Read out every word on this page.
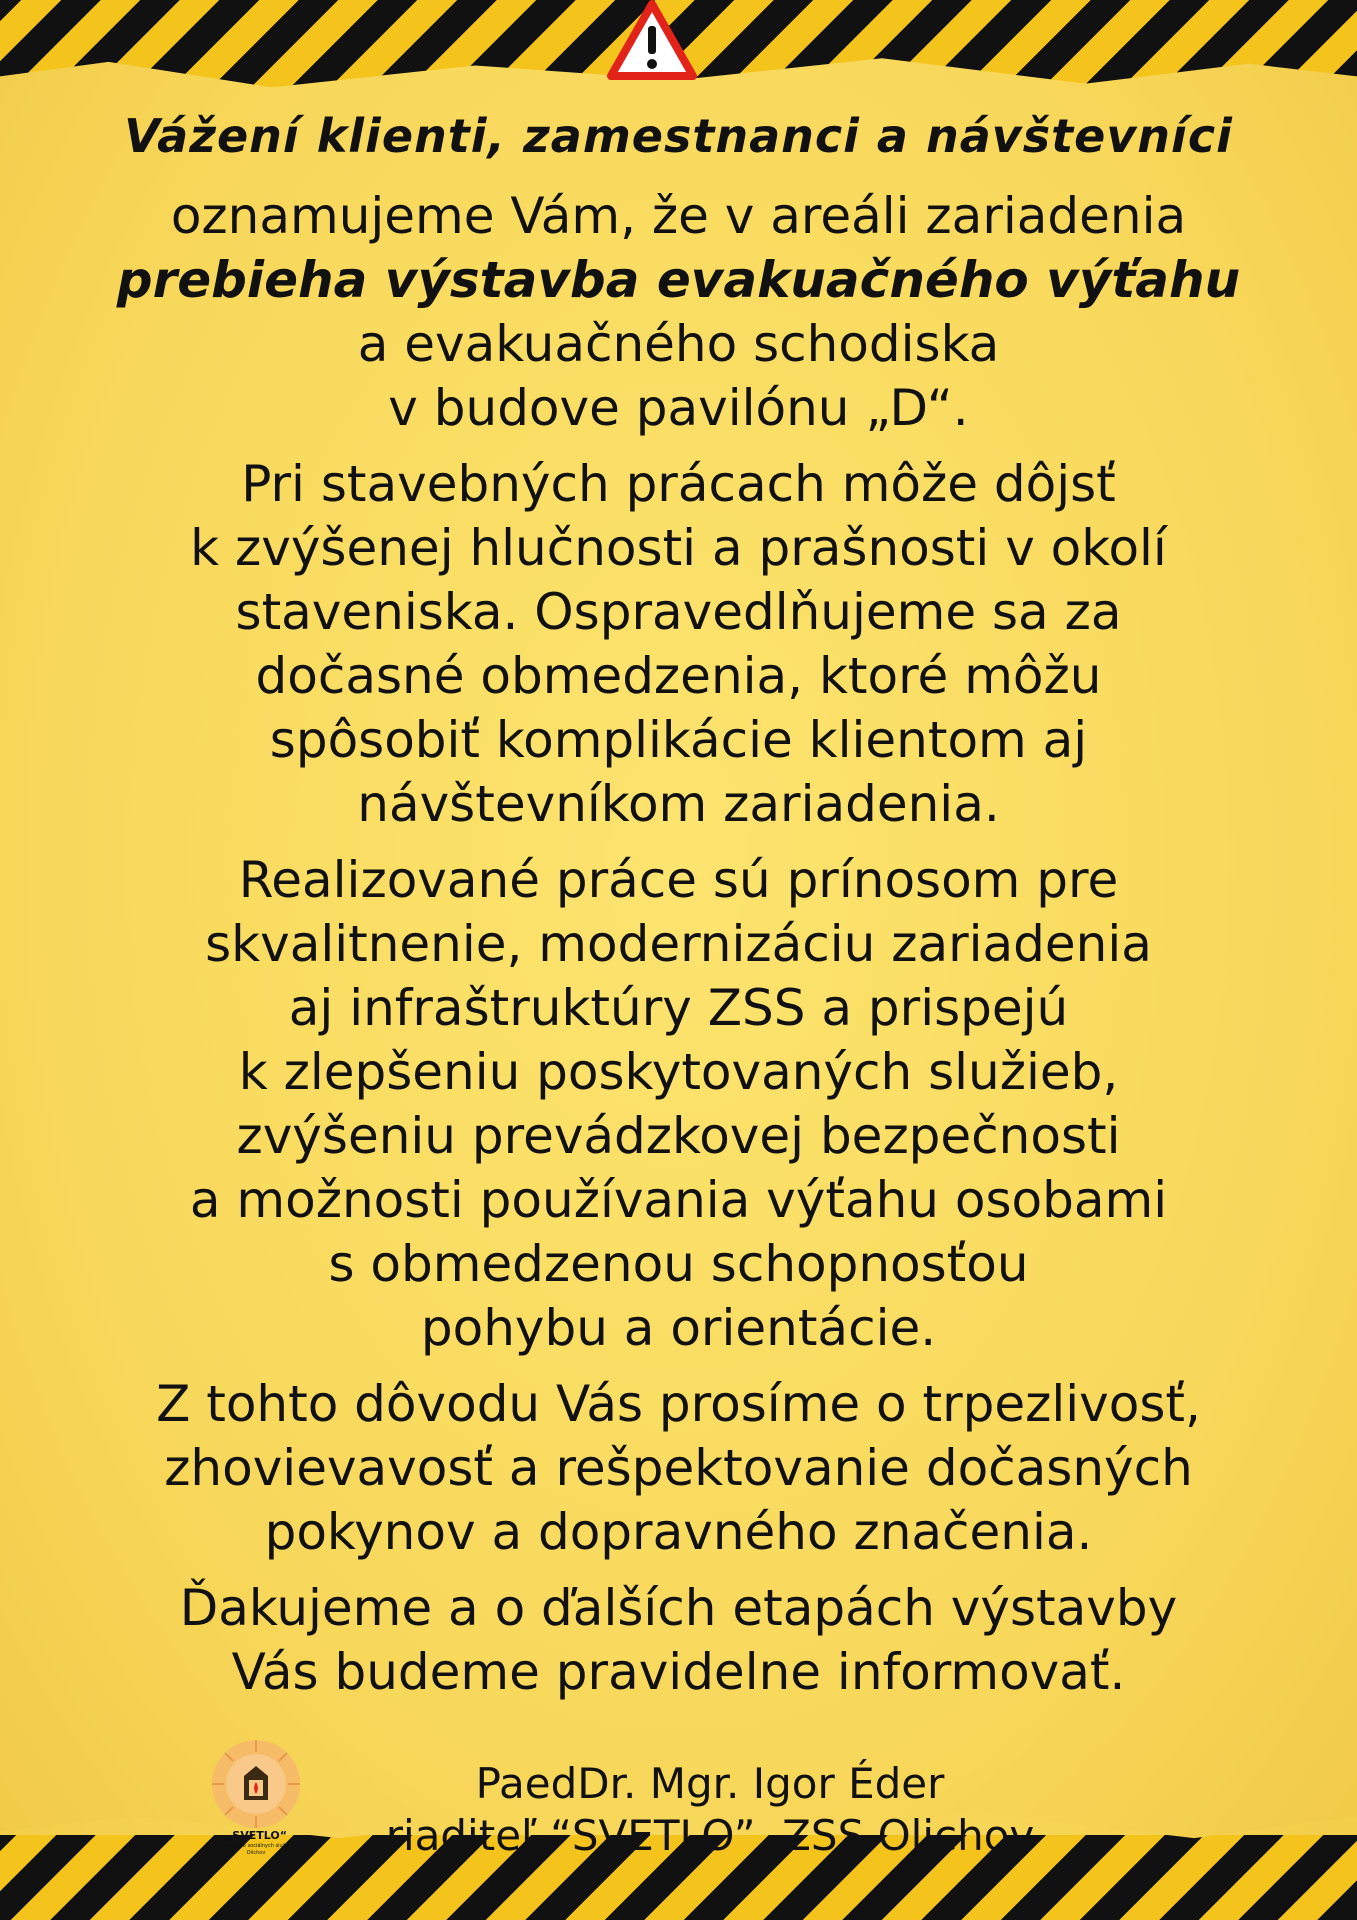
Vážení klienti, zamestnanci a návštevníci

oznamujeme Vám, že v areáli zariadenia

prebieha výstavba evakuačného výťahu

a evakuačného schodiska

v budove pavilónu „D“.

Pri stavebných prácach môže dôjsť

k zvýšenej hlučnosti a prašnosti v okolí

staveniska. Ospravedlňujeme sa za

dočasné obmedzenia, ktoré môžu

spôsobiť komplikácie klientom aj

návštevníkom zariadenia.

Realizované práce sú prínosom pre

skvalitnenie, modernizáciu zariadenia

aj infraštruktúry ZSS a prispejú

k zlepšeniu poskytovaných služieb,

zvýšeniu prevádzkovej bezpečnosti

a možnosti používania výťahu osobami

s obmedzenou schopnosťou

pohybu a orientácie.

Z tohto dôvodu Vás prosíme o trpezlivosť,

zhovievavosť a rešpektovanie dočasných

pokynov a dopravného značenia.

Ďakujeme a o ďalších etapách výstavby

Vás budeme pravidelne informovať.

„SVETLO“
Zariadenie sociálnych služieb Olichov
PaedDr. Mgr. Igor Éder
riaditeľ “SVETLO”, ZSS Olichov
